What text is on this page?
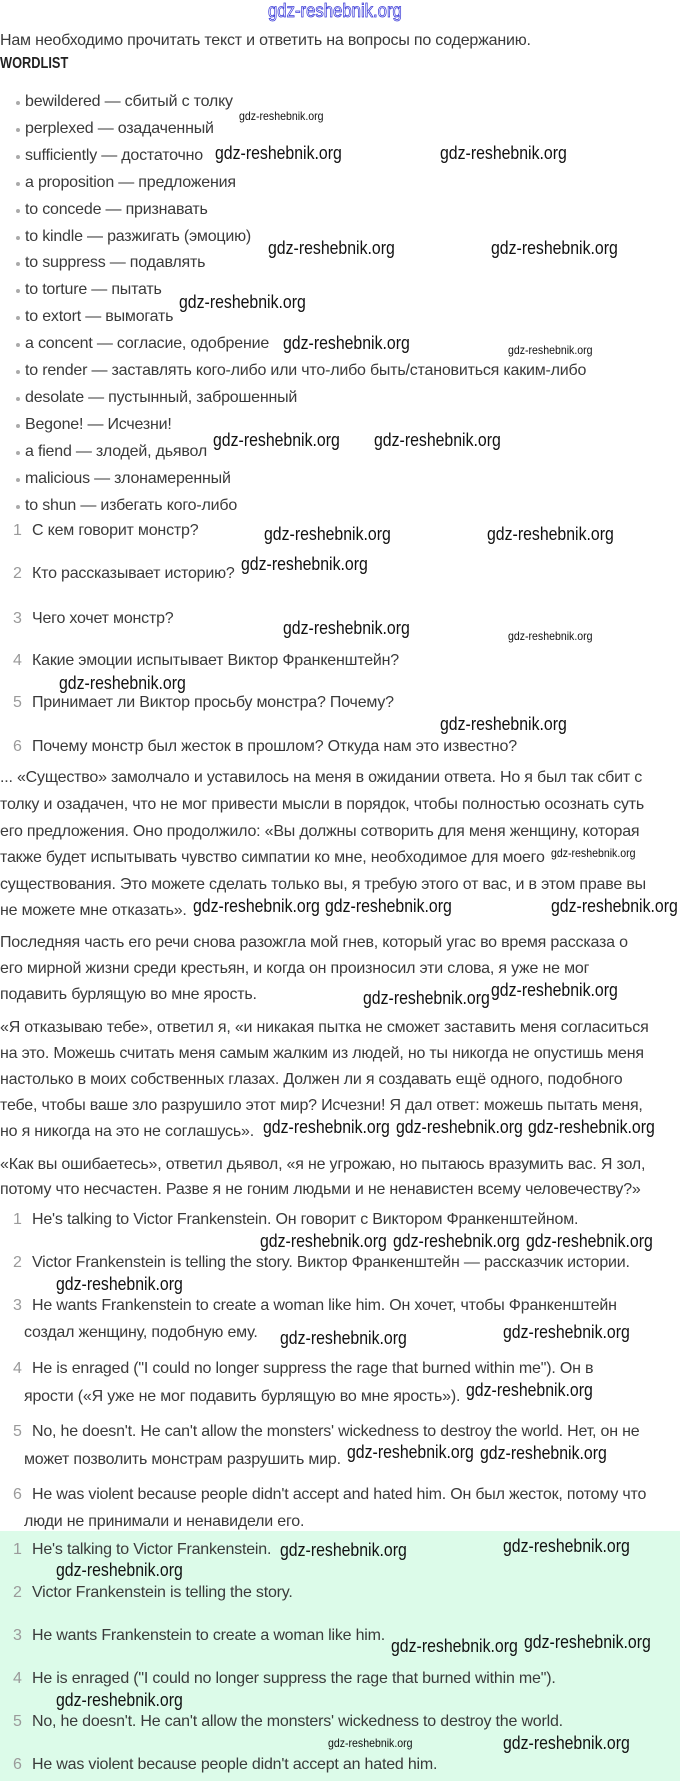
Нам необходимо прочитать текст и ответить на вопросы по содержанию.
WORDLIST
bewildered — сбитый с толку
perplexed — озадаченный
sufficiently — достаточно
a proposition — предложения
to concede — признавать
to kindle — разжигать (эмоцию)
to suppress — подавлять
to torture — пытать
to extort — вымогать
a concent — согласие, одобрение
to render — заставлять кого-либо или что-либо быть/становиться каким-либо
desolate — пустынный, заброшенный
Begone! — Исчезни!
a fiend — злодей, дьявол
malicious — злонамеренный
to shun — избегать кого-либо
1 С кем говорит монстр?
2 Кто рассказывает историю?
3 Чего хочет монстр?
4 Какие эмоции испытывает Виктор Франкенштейн?
5 Принимает ли Виктор просьбу монстра? Почему?
6 Почему монстр был жесток в прошлом? Откуда нам это известно?
... «Существо» замолчало и уставилось на меня в ожидании ответа. Но я был так сбит с
толку и озадачен, что не мог привести мысли в порядок, чтобы полностью осознать суть
его предложения. Оно продолжило: «Вы должны сотворить для меня женщину, которая
также будет испытывать чувство симпатии ко мне, необходимое для моего
существования. Это можете сделать только вы, я требую этого от вас, и в этом праве вы
не можете мне отказать».
Последняя часть его речи снова разожгла мой гнев, который угас во время рассказа о
его мирной жизни среди крестьян, и когда он произносил эти слова, я уже не мог
подавить бурлящую во мне ярость.
«Я отказываю тебе», ответил я, «и никакая пытка не сможет заставить меня согласиться
на это. Можешь считать меня самым жалким из людей, но ты никогда не опустишь меня
настолько в моих собственных глазах. Должен ли я создавать ещё одного, подобного
тебе, чтобы ваше зло разрушило этот мир? Исчезни! Я дал ответ: можешь пытать меня,
но я никогда на это не соглашусь».
«Как вы ошибаетесь», ответил дьявол, «я не угрожаю, но пытаюсь вразумить вас. Я зол,
потому что несчастен. Разве я не гоним людьми и не ненавистен всему человечеству?»
1 He's talking to Victor Frankenstein. Он говорит с Виктором Франкенштейном.
2 Victor Frankenstein is telling the story. Виктор Франкенштейн — рассказчик истории.
3 He wants Frankenstein to create a woman like him. Он хочет, чтобы Франкенштейн
создал женщину, подобную ему.
4 He is enraged ("I could no longer suppress the rage that burned within me"). Он в
ярости («Я уже не мог подавить бурлящую во мне ярость»).
5 No, he doesn't. He can't allow the monsters' wickedness to destroy the world. Нет, он не
может позволить монстрам разрушить мир.
6 He was violent because people didn't accept and hated him. Он был жесток, потому что
люди не принимали и ненавидели его.
1 He's talking to Victor Frankenstein.
2 Victor Frankenstein is telling the story.
3 He wants Frankenstein to create a woman like him.
4 He is enraged ("I could no longer suppress the rage that burned within me").
5 No, he doesn't. He can't allow the monsters' wickedness to destroy the world.
6 He was violent because people didn't accept an hated him.
gdz-reshebnik.org
gdz-reshebnik.org
gdz-reshebnik.org	gdz-reshebnik.org
gdz-reshebnik.org	gdz-reshebnik.org
gdz-reshebnik.org
gdz-reshebnik.org	gdz-reshebnik.org
gdz-reshebnik.org gdz-reshebnik.org
gdz-reshebnik.org	gdz-reshebnik.org
gdz-reshebnik.org
gdz-reshebnik.org	gdz-reshebnik.org
gdz-reshebnik.org
gdz-reshebnik.org
gdz-reshebnik.org
gdz-reshebnik.org
gdz-reshebnik.org gdz-reshebnik.org
gdz-reshebnik.org
gdz-reshebnik.org
gdz-reshebnik.org gdz-reshebnik.org gdz-reshebnik.org
gdz-reshebnik.org gdz-reshebnik.org gdz-reshebnik.org
gdz-reshebnik.org
gdz-reshebnik.org	gdz-reshebnik.org
gdz-reshebnik.org
gdz-reshebnik.org gdz-reshebnik.org
gdz-reshebnik.org	gdz-reshebnik.org
gdz-reshebnik.org
gdz-reshebnik.org gdz-reshebnik.org
gdz-reshebnik.org
gdz-reshebnik.org	gdz-reshebnik.org
